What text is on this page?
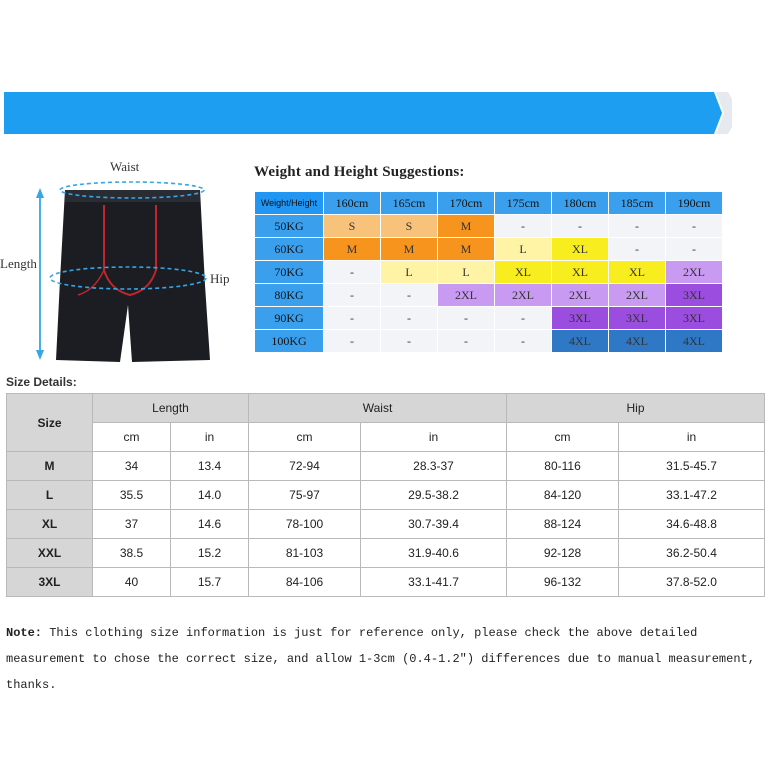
Waist
Length
Hip
Weight and Height Suggestions:
Weight/Height	160cm	165cm	170cm	175cm	180cm	185cm	190cm
50KG	S	S	M	-	-	-	-
60KG	M	M	M	L	XL	-	-
70KG	-	L	L	XL	XL	XL	2XL
80KG	-	-	2XL	2XL	2XL	2XL	3XL
90KG	-	-	-	-	3XL	3XL	3XL
100KG	-	-	-	-	4XL	4XL	4XL
Size Details:
Size	Length		Waist		Hip	
	cm	in	cm	in	cm	in
M	34	13.4	72-94	28.3-37	80-116	31.5-45.7
L	35.5	14.0	75-97	29.5-38.2	84-120	33.1-47.2
XL	37	14.6	78-100	30.7-39.4	88-124	34.6-48.8
XXL	38.5	15.2	81-103	31.9-40.6	92-128	36.2-50.4
3XL	40	15.7	84-106	33.1-41.7	96-132	37.8-52.0
Note: This clothing size information is just for reference only, please check the above detailed measurement to chose the correct size, and allow 1-3cm (0.4-1.2″) differences due to manual measurement, thanks.
